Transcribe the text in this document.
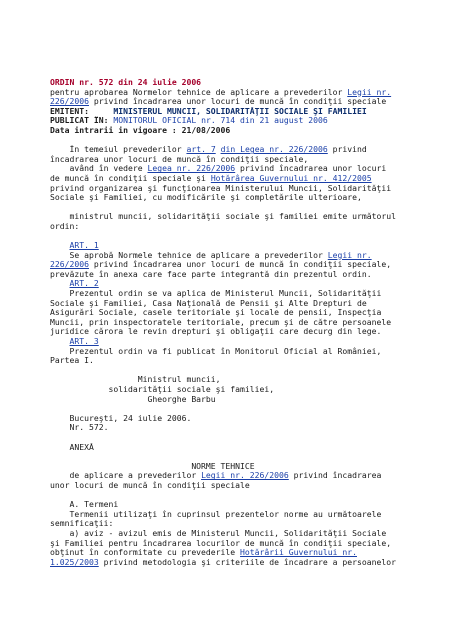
ORDIN nr. 572 din 24 iulie 2006
pentru aprobarea Normelor tehnice de aplicare a prevederilor Legii nr.
226/2006 privind încadrarea unor locuri de muncă în condiţii speciale
EMITENT:     MINISTERUL MUNCII, SOLIDARITĂŢII SOCIALE ŞI FAMILIEI
PUBLICAT ÎN: MONITORUL OFICIAL nr. 714 din 21 august 2006
Data intrarii in vigoare : 21/08/2006
În temeiul prevederilor art. 7 din Legea nr. 226/2006 privind
încadrarea unor locuri de muncă în condiţii speciale,
având în vedere Legea nr. 226/2006 privind încadrarea unor locuri
de muncă în condiţii speciale şi Hotărârea Guvernului nr. 412/2005
privind organizarea şi funcţionarea Ministerului Muncii, Solidarităţii
Sociale şi Familiei, cu modificările şi completările ulterioare,
ministrul muncii, solidarităţii sociale şi familiei emite următorul
ordin:
ART. 1
Se aprobă Normele tehnice de aplicare a prevederilor Legii nr.
226/2006 privind încadrarea unor locuri de muncă în condiţii speciale,
prevăzute în anexa care face parte integrantă din prezentul ordin.
ART. 2
Prezentul ordin se va aplica de Ministerul Muncii, Solidarităţii
Sociale şi Familiei, Casa Naţională de Pensii şi Alte Drepturi de
Asigurări Sociale, casele teritoriale şi locale de pensii, Inspecţia
Muncii, prin inspectoratele teritoriale, precum şi de către persoanele
juridice cărora le revin drepturi şi obligaţii care decurg din lege.
ART. 3
Prezentul ordin va fi publicat în Monitorul Oficial al României,
Partea I.
Ministrul muncii,
solidarităţii sociale şi familiei,
Gheorghe Barbu
Bucureşti, 24 iulie 2006.
Nr. 572.
ANEXĂ
NORME TEHNICE
de aplicare a prevederilor Legii nr. 226/2006 privind încadrarea
unor locuri de muncă în condiţii speciale
A. Termeni
Termenii utilizaţi în cuprinsul prezentelor norme au următoarele
semnificaţii:
a) aviz - avizul emis de Ministerul Muncii, Solidarităţii Sociale
şi Familiei pentru încadrarea locurilor de muncă în condiţii speciale,
obţinut în conformitate cu prevederile Hotărârii Guvernului nr.
1.025/2003 privind metodologia şi criteriile de încadrare a persoanelor
